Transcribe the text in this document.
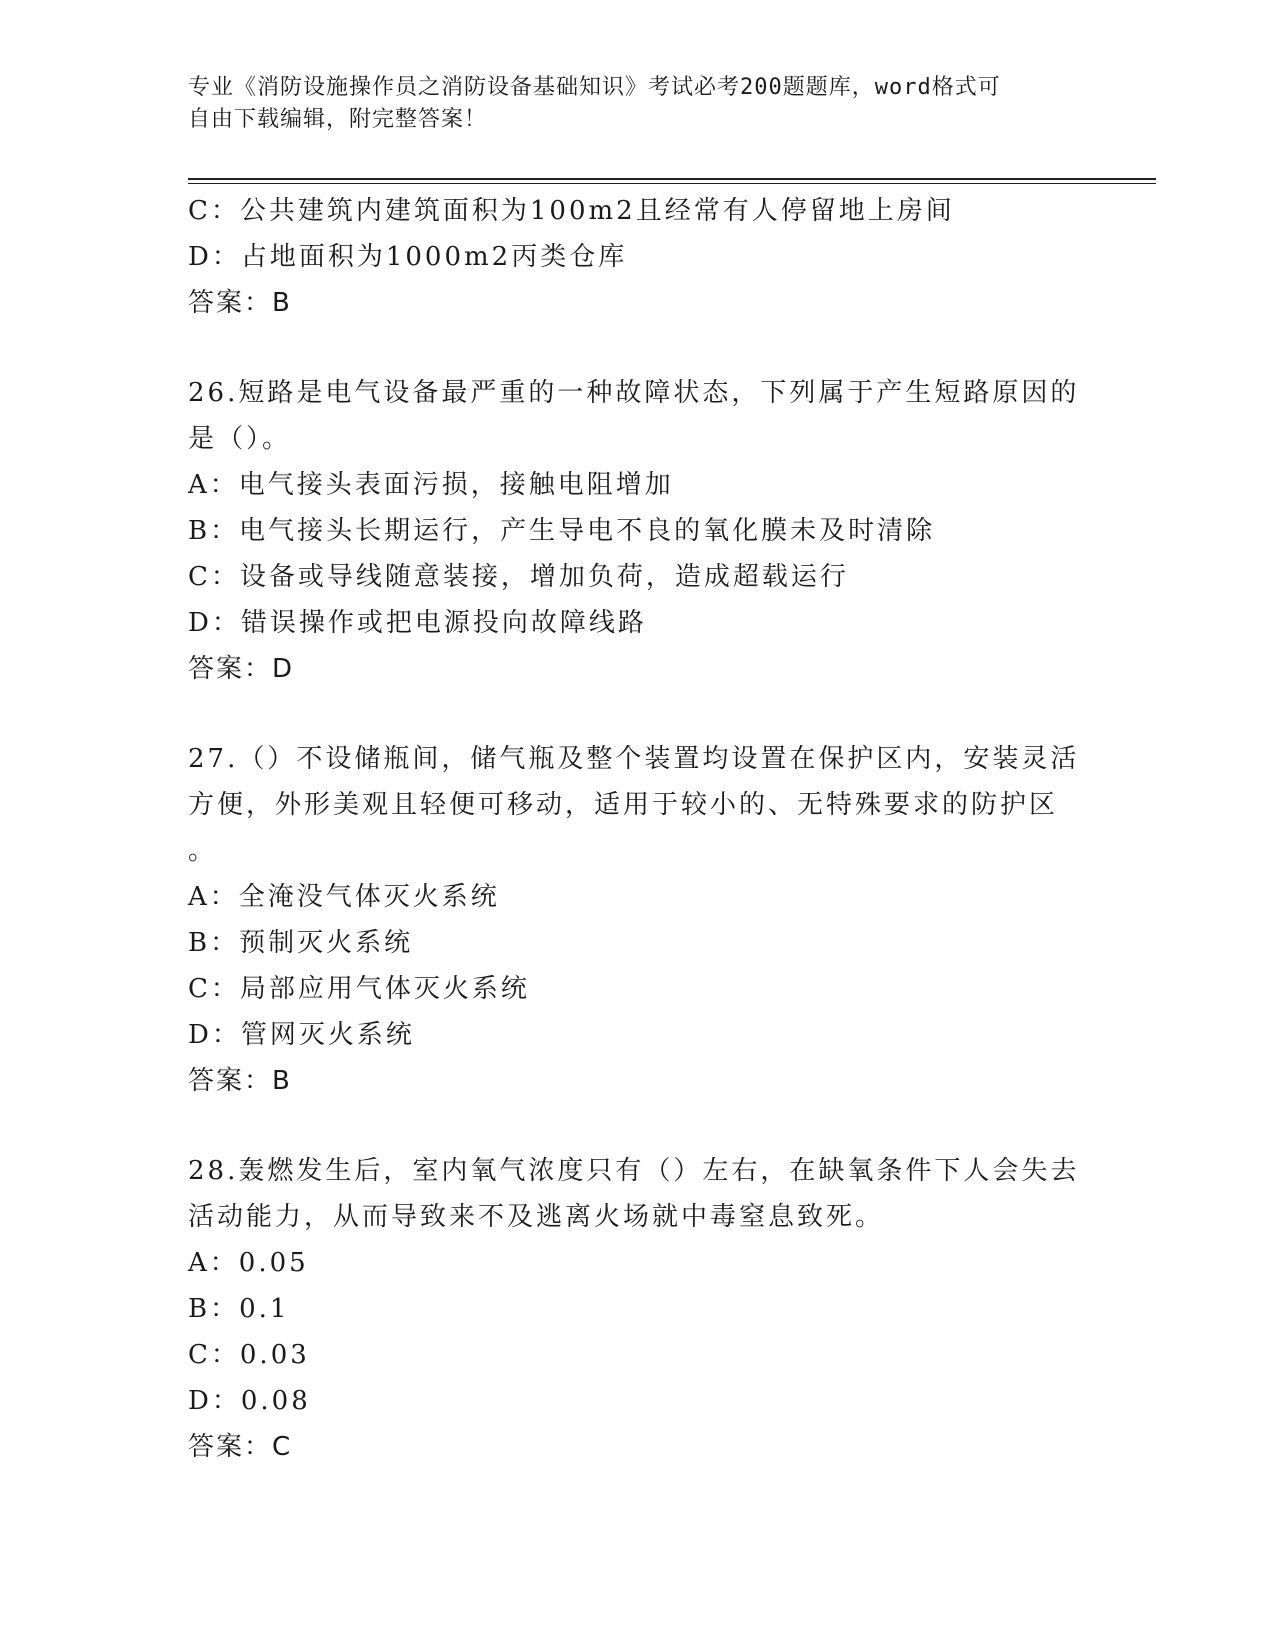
专业《消防设施操作员之消防设备基础知识》考试必考200题题库，word格式可
自由下载编辑，附完整答案！
C：公共建筑内建筑面积为100m2且经常有人停留地上房间
D：占地面积为1000m2丙类仓库
答案：B
26.短路是电气设备最严重的一种故障状态，下列属于产生短路原因的
是（）。
A：电气接头表面污损，接触电阻增加
B：电气接头长期运行，产生导电不良的氧化膜未及时清除
C：设备或导线随意装接，增加负荷，造成超载运行
D：错误操作或把电源投向故障线路
答案：D
27.（）不设储瓶间，储气瓶及整个装置均设置在保护区内，安装灵活
方便，外形美观且轻便可移动，适用于较小的、无特殊要求的防护区
。
A：全淹没气体灭火系统
B：预制灭火系统
C：局部应用气体灭火系统
D：管网灭火系统
答案：B
28.轰燃发生后，室内氧气浓度只有（）左右，在缺氧条件下人会失去
活动能力，从而导致来不及逃离火场就中毒窒息致死。
A：0.05
B：0.1
C：0.03
D：0.08
答案：C
